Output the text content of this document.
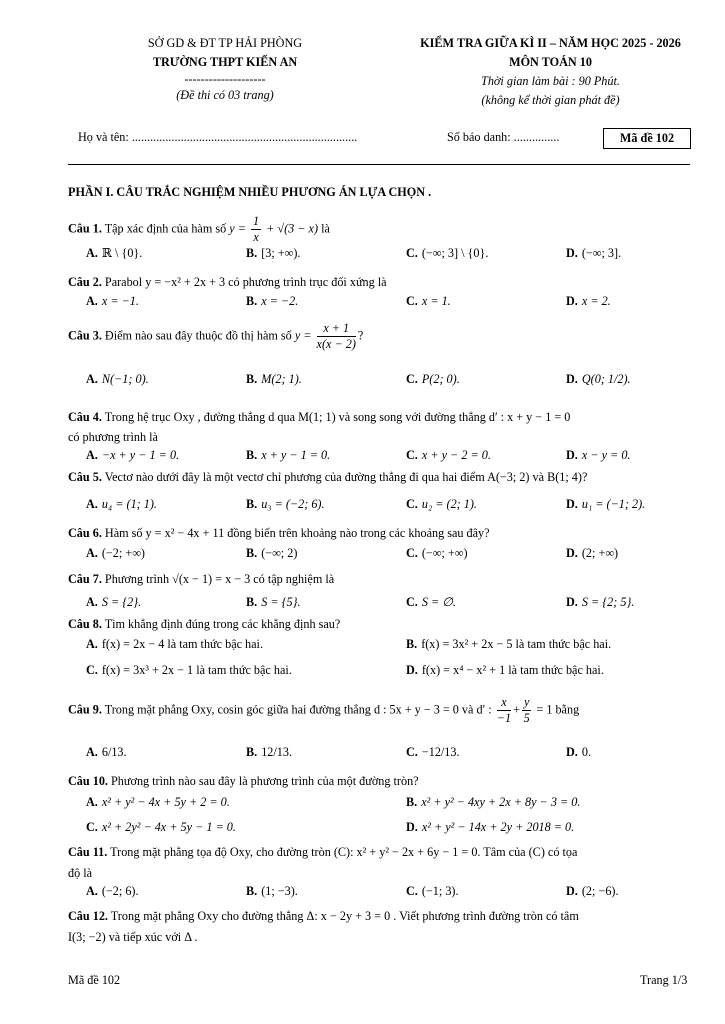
SỞ GD & ĐT TP HẢI PHÒNG
TRƯỜNG THPT KIẾN AN
--------------------
(Đề thi có 03 trang)
KIỂM TRA GIỮA KÌ II – NĂM HỌC 2025 - 2026
MÔN TOÁN 10
Thời gian làm bài : 90 Phút.
(không kể thời gian phát đề)
Họ và tên: ..........................................................................	Số báo danh: ...............	Mã đề 102
PHẦN I. CÂU TRẮC NGHIỆM NHIỀU PHƯƠNG ÁN LỰA CHỌN .
Câu 1. Tập xác định của hàm số $y = \frac{1}{x} + √(3 - x)$ là
A. ℝ \ {0}.	B. [3; +∞).	C. (−∞; 3] \ {0}.	D. (−∞; 3].
Câu 2. Parabol y = −x² + 2x + 3 có phương trình trục đối xứng là
A. x = −1.	B. x = −2.	C. x = 1.	D. x = 2.
Câu 3. Điểm nào sau đây thuộc đồ thị hàm số $y = \frac{x + 1}{x(x - 2)}$ ?
A. N(−1; 0).	B. M(2; 1).	C. P(2; 0).	D. Q(0; 1/2).
Câu 4. Trong hệ trục Oxy , đường thẳng d qua M(1; 1) và song song với đường thẳng d′ : x + y − 1 = 0
có phương trình là
A. −x + y − 1 = 0.	B. x + y − 1 = 0.	C. x + y − 2 = 0.	D. x − y = 0.
Câu 5. Vectơ nào dưới đây là một vectơ chỉ phương của đường thẳng đi qua hai điểm A(−3; 2) và B(1; 4)?
A. u₄ = (1; 1).	B. u₃ = (−2; 6).	C. u₂ = (2; 1).	D. u₁ = (−1; 2).
Câu 6. Hàm số y = x² − 4x + 11 đồng biến trên khoảng nào trong các khoảng sau đây?
A. (−2; +∞)	B. (−∞; 2)	C. (−∞; +∞)	D. (2; +∞)
Câu 7. Phương trình √(x − 1) = x − 3 có tập nghiệm là
A. S = {2}.	B. S = {5}.	C. S = ∅.	D. S = {2; 5}.
Câu 8. Tìm khẳng định đúng trong các khẳng định sau?
A. f(x) = 2x − 4 là tam thức bậc hai.	B. f(x) = 3x² + 2x − 5 là tam thức bậc hai.
C. f(x) = 3x³ + 2x − 1 là tam thức bậc hai.	D. f(x) = x⁴ − x² + 1 là tam thức bậc hai.
Câu 9. Trong mặt phẳng Oxy, cosin góc giữa hai đường thẳng d : 5x + y − 3 = 0 và d′ : $\frac{x}{-1} + \frac{y}{5} = 1$ bằng
A. 6/13.	B. 12/13.	C. −12/13.	D. 0.
Câu 10. Phương trình nào sau đây là phương trình của một đường tròn?
A. x² + y² − 4x + 5y + 2 = 0.	B. x² + y² − 4xy + 2x + 8y − 3 = 0.
C. x² + 2y² − 4x + 5y − 1 = 0.	D. x² + y² − 14x + 2y + 2018 = 0.
Câu 11. Trong mặt phẳng tọa độ Oxy, cho đường tròn (C): x² + y² − 2x + 6y − 1 = 0. Tâm của (C) có tọa
độ là
A. (−2; 6).	B. (1; −3).	C. (−1; 3).	D. (2; −6).
Câu 12. Trong mặt phẳng Oxy cho đường thẳng Δ: x − 2y + 3 = 0 . Viết phương trình đường tròn có tâm
I(3; −2) và tiếp xúc với Δ .
Mã đề 102	Trang 1/3
